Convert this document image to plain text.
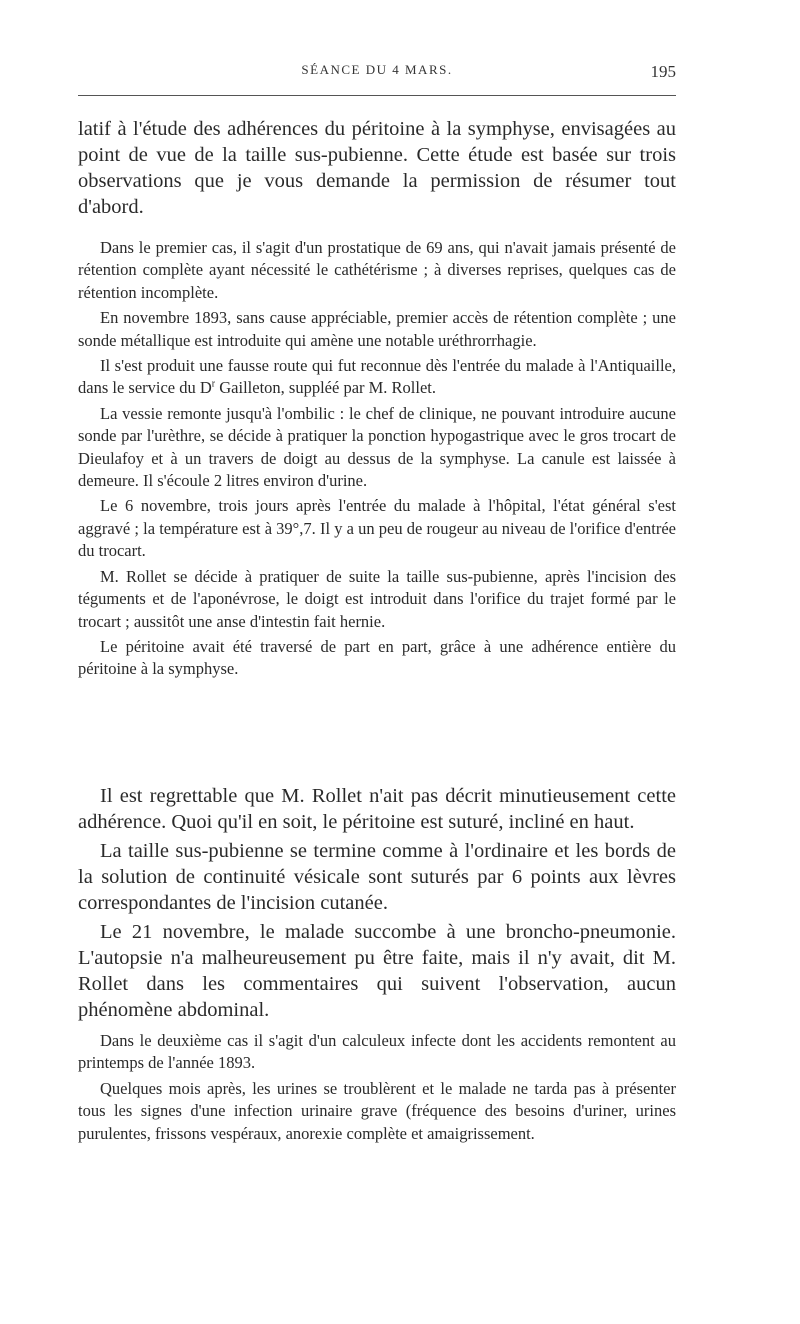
SÉANCE DU 4 MARS.	195

latif à l'étude des adhérences du péritoine à la symphyse, envisagées au point de vue de la taille sus-pubienne. Cette étude est basée sur trois observations que je vous demande la permission de résumer tout d'abord.

Dans le premier cas, il s'agit d'un prostatique de 69 ans, qui n'avait jamais présenté de rétention complète ayant nécessité le cathétérisme ; à diverses reprises, quelques cas de rétention incomplète.

En novembre 1893, sans cause appréciable, premier accès de rétention complète ; une sonde métallique est introduite qui amène une notable uréthrorrhagie.

Il s'est produit une fausse route qui fut reconnue dès l'entrée du malade à l'Antiquaille, dans le service du $D^r$ Gailleton, suppléé par M. Rollet.

La vessie remonte jusqu'à l'ombilic : le chef de clinique, ne pouvant introduire aucune sonde par l'urèthre, se décide à pratiquer la ponction hypogastrique avec le gros trocart de Dieulafoy et à un travers de doigt au dessus de la symphyse. La canule est laissée à demeure. Il s'écoule 2 litres environ d'urine.

Le 6 novembre, trois jours après l'entrée du malade à l'hôpital, l'état général s'est aggravé ; la température est à 39°,7. Il y a un peu de rougeur au niveau de l'orifice d'entrée du trocart.

M. Rollet se décide à pratiquer de suite la taille sus-pubienne, après l'incision des téguments et de l'aponévrose, le doigt est introduit dans l'orifice du trajet formé par le trocart ; aussitôt une anse d'intestin fait hernie.

Le péritoine avait été traversé de part en part, grâce à une adhérence entière du péritoine à la symphyse.

Il est regrettable que M. Rollet n'ait pas décrit minutieusement cette adhérence. Quoi qu'il en soit, le péritoine est suturé, incliné en haut.

La taille sus-pubienne se termine comme à l'ordinaire et les bords de la solution de continuité vésicale sont suturés par 6 points aux lèvres correspondantes de l'incision cutanée.

Le 21 novembre, le malade succombe à une broncho-pneumonie. L'autopsie n'a malheureusement pu être faite, mais il n'y avait, dit M. Rollet dans les commentaires qui suivent l'observation, aucun phénomène abdominal.

Dans le deuxième cas il s'agit d'un calculeux infecte dont les accidents remontent au printemps de l'année 1893.

Quelques mois après, les urines se troublèrent et le malade ne tarda pas à présenter tous les signes d'une infection urinaire grave (fréquence des besoins d'uriner, urines purulentes, frissons vespéraux, anorexie complète et amaigrissement.
